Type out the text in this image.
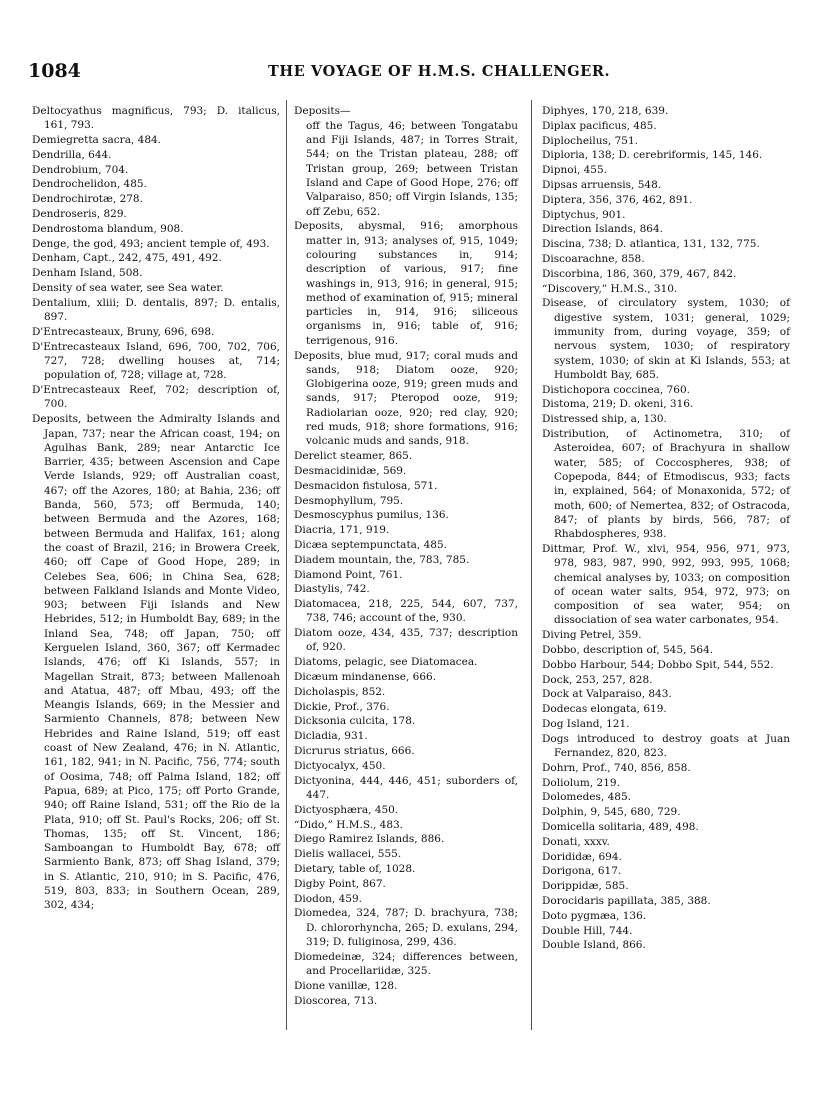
1084	THE VOYAGE OF H.M.S. CHALLENGER.

Deltocyathus magnificus, 793; D. italicus, 161, 793.

Demiegretta sacra, 484.

Dendrilla, 644.

Dendrobium, 704.

Dendrochelidon, 485.

Dendrochirotæ, 278.

Dendroseris, 829.

Dendrostoma blandum, 908.

Denge, the god, 493; ancient temple of, 493.

Denham, Capt., 242, 475, 491, 492.

Denham Island, 508.

Density of sea water, see Sea water.

Dentalium, xliii; D. dentalis, 897; D. entalis, 897.

D'Entrecasteaux, Bruny, 696, 698.

D'Entrecasteaux Island, 696, 700, 702, 706, 727, 728; dwelling houses at, 714; population of, 728; village at, 728.

D'Entrecasteaux Reef, 702; description of, 700.

Deposits, between the Admiralty Islands and Japan, 737; near the African coast, 194; on Agulhas Bank, 289; near Antarctic Ice Barrier, 435; between Ascension and Cape Verde Islands, 929; off Australian coast, 467; off the Azores, 180; at Bahia, 236; off Banda, 560, 573; off Bermuda, 140; between Bermuda and the Azores, 168; between Bermuda and Halifax, 161; along the coast of Brazil, 216; in Browera Creek, 460; off Cape of Good Hope, 289; in Celebes Sea, 606; in China Sea, 628; between Falkland Islands and Monte Video, 903; between Fiji Islands and New Hebrides, 512; in Humboldt Bay, 689; in the Inland Sea, 748; off Japan, 750; off Kerguelen Island, 360, 367; off Kermadec Islands, 476; off Ki Islands, 557; in Magellan Strait, 873; between Mallenoah and Atatua, 487; off Mbau, 493; off the Meangis Islands, 669; in the Messier and Sarmiento Channels, 878; between New Hebrides and Raine Island, 519; off east coast of New Zealand, 476; in N. Atlantic, 161, 182, 941; in N. Pacific, 756, 774; south of Oosima, 748; off Palma Island, 182; off Papua, 689; at Pico, 175; off Porto Grande, 940; off Raine Island, 531; off the Rio de la Plata, 910; off St. Paul's Rocks, 206; off St. Thomas, 135; off St. Vincent, 186; Samboangan to Humboldt Bay, 678; off Sarmiento Bank, 873; off Shag Island, 379; in S. Atlantic, 210, 910; in S. Pacific, 476, 519, 803, 833; in Southern Ocean, 289, 302, 434;

Deposits—

off the Tagus, 46; between Tongatabu and Fiji Islands, 487; in Torres Strait, 544; on the Tristan plateau, 288; off Tristan group, 269; between Tristan Island and Cape of Good Hope, 276; off Valparaiso, 850; off Virgin Islands, 135; off Zebu, 652.

Deposits, abysmal, 916; amorphous matter in, 913; analyses of, 915, 1049; colouring substances in, 914; description of various, 917; fine washings in, 913, 916; in general, 915; method of examination of, 915; mineral particles in, 914, 916; siliceous organisms in, 916; table of, 916; terrigenous, 916.

Deposits, blue mud, 917; coral muds and sands, 918; Diatom ooze, 920; Globigerina ooze, 919; green muds and sands, 917; Pteropod ooze, 919; Radiolarian ooze, 920; red clay, 920; red muds, 918; shore formations, 916; volcanic muds and sands, 918.

Derelict steamer, 865.

Desmacidinidæ, 569.

Desmacidon fistulosa, 571.

Desmophyllum, 795.

Desmoscyphus pumilus, 136.

Diacria, 171, 919.

Dicæa septempunctata, 485.

Diadem mountain, the, 783, 785.

Diamond Point, 761.

Diastylis, 742.

Diatomacea, 218, 225, 544, 607, 737, 738, 746; account of the, 930.

Diatom ooze, 434, 435, 737; description of, 920.

Diatoms, pelagic, see Diatomacea.

Dicæum mindanense, 666.

Dicholaspis, 852.

Dickie, Prof., 376.

Dicksonia culcita, 178.

Dicladia, 931.

Dicrurus striatus, 666.

Dictyocalyx, 450.

Dictyonina, 444, 446, 451; suborders of, 447.

Dictyosphæra, 450.

“Dido,” H.M.S., 483.

Diego Ramirez Islands, 886.

Dielis wallacei, 555.

Dietary, table of, 1028.

Digby Point, 867.

Diodon, 459.

Diomedea, 324, 787; D. brachyura, 738; D. chlororhyncha, 265; D. exulans, 294, 319; D. fuliginosa, 299, 436.

Diomedeinæ, 324; differences between, and Procellariidæ, 325.

Dione vanillæ, 128.

Dioscorea, 713.

Diphyes, 170, 218, 639.

Diplax pacificus, 485.

Diplocheilus, 751.

Diploria, 138; D. cerebriformis, 145, 146.

Dipnoi, 455.

Dipsas arruensis, 548.

Diptera, 356, 376, 462, 891.

Diptychus, 901.

Direction Islands, 864.

Discina, 738; D. atlantica, 131, 132, 775.

Discoarachne, 858.

Discorbina, 186, 360, 379, 467, 842.

“Discovery,” H.M.S., 310.

Disease, of circulatory system, 1030; of digestive system, 1031; general, 1029; immunity from, during voyage, 359; of nervous system, 1030; of respiratory system, 1030; of skin at Ki Islands, 553; at Humboldt Bay, 685.

Distichopora coccinea, 760.

Distoma, 219; D. okeni, 316.

Distressed ship, a, 130.

Distribution, of Actinometra, 310; of Asteroidea, 607; of Brachyura in shallow water, 585; of Coccospheres, 938; of Copepoda, 844; of Etmodiscus, 933; facts in, explained, 564; of Monaxonida, 572; of moth, 600; of Nemertea, 832; of Ostracoda, 847; of plants by birds, 566, 787; of Rhabdospheres, 938.

Dittmar, Prof. W., xlvi, 954, 956, 971, 973, 978, 983, 987, 990, 992, 993, 995, 1068; chemical analyses by, 1033; on composition of ocean water salts, 954, 972, 973; on composition of sea water, 954; on dissociation of sea water carbonates, 954.

Diving Petrel, 359.

Dobbo, description of, 545, 564.

Dobbo Harbour, 544; Dobbo Spit, 544, 552.

Dock, 253, 257, 828.

Dock at Valparaiso, 843.

Dodecas elongata, 619.

Dog Island, 121.

Dogs introduced to destroy goats at Juan Fernandez, 820, 823.

Dohrn, Prof., 740, 856, 858.

Doliolum, 219.

Dolomedes, 485.

Dolphin, 9, 545, 680, 729.

Domicella solitaria, 489, 498.

Donati, xxxv.

Dorididæ, 694.

Dorigona, 617.

Dorippidæ, 585.

Dorocidaris papillata, 385, 388.

Doto pygmæa, 136.

Double Hill, 744.

Double Island, 866.
